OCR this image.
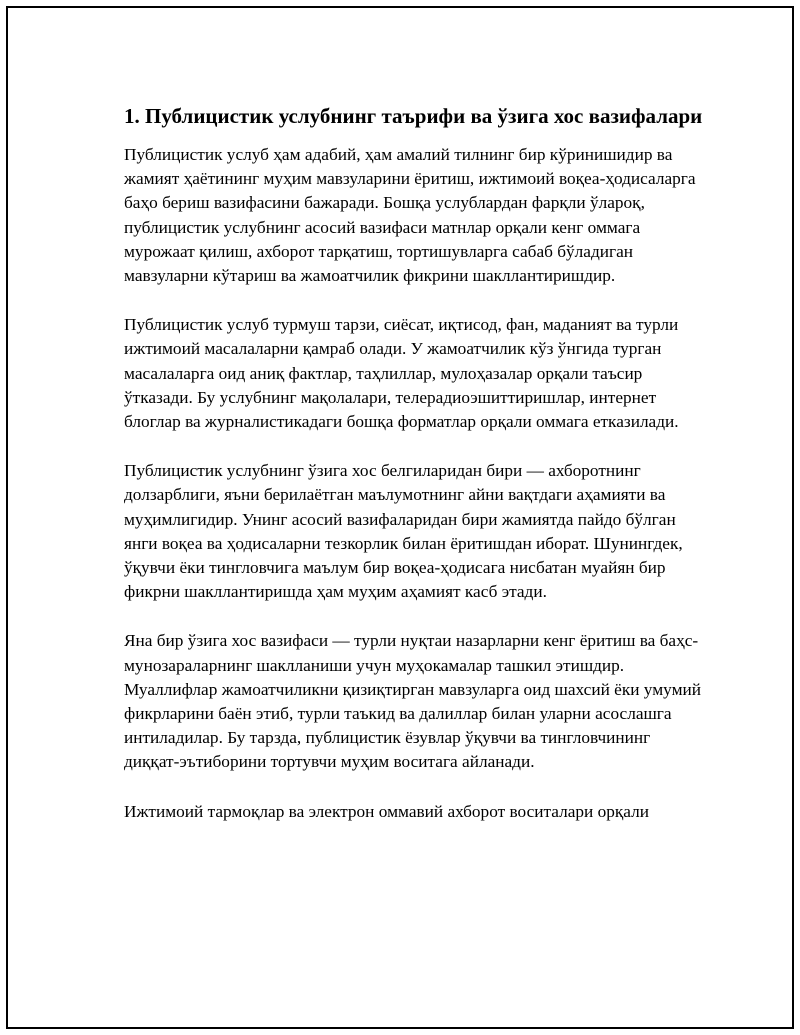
1. Публицистик услубнинг таърифи ва ўзига хос вазифалари

Публицистик услуб ҳам адабий, ҳам амалий тилнинг бир кўринишидир ва жамият ҳаётининг муҳим мавзуларини ёритиш, ижтимоий воқеа-ҳодисаларга баҳо бериш вазифасини бажаради. Бошқа услублардан фарқли ўлароқ, публицистик услубнинг асосий вазифаси матнлар орқали кенг оммага мурожаат қилиш, ахборот тарқатиш, тортишувларга сабаб бўладиган мавзуларни кўтариш ва жамоатчилик фикрини шакллантиришдир.

Публицистик услуб турмуш тарзи, сиёсат, иқтисод, фан, маданият ва турли ижтимоий масалаларни қамраб олади. У жамоатчилик кўз ўнгида турган масалаларга оид аниқ фактлар, таҳлиллар, мулоҳазалар орқали таъсир ўтказади. Бу услубнинг мақолалари, телерадиоэшиттиришлар, интернет блоглар ва журналистикадаги бошқа форматлар орқали оммага етказилади.

Публицистик услубнинг ўзига хос белгиларидан бири — ахборотнинг долзарблиги, яъни берилаётган маълумотнинг айни вақтдаги аҳамияти ва муҳимлигидир. Унинг асосий вазифаларидан бири жамиятда пайдо бўлган янги воқеа ва ҳодисаларни тезкорлик билан ёритишдан иборат. Шунингдек, ўқувчи ёки тингловчига маълум бир воқеа-ҳодисага нисбатан муайян бир фикрни шакллантиришда ҳам муҳим аҳамият касб этади.

Яна бир ўзига хос вазифаси — турли нуқтаи назарларни кенг ёритиш ва баҳс-мунозараларнинг шаклланиши учун муҳокамалар ташкил этишдир. Муаллифлар жамоатчиликни қизиқтирган мавзуларга оид шахсий ёки умумий фикрларини баён этиб, турли таъкид ва далиллар билан уларни асослашга интиладилар. Бу тарзда, публицистик ёзувлар ўқувчи ва тингловчининг диққат-эътиборини тортувчи муҳим воситага айланади.

Ижтимоий тармоқлар ва электрон оммавий ахборот воситалари орқали
